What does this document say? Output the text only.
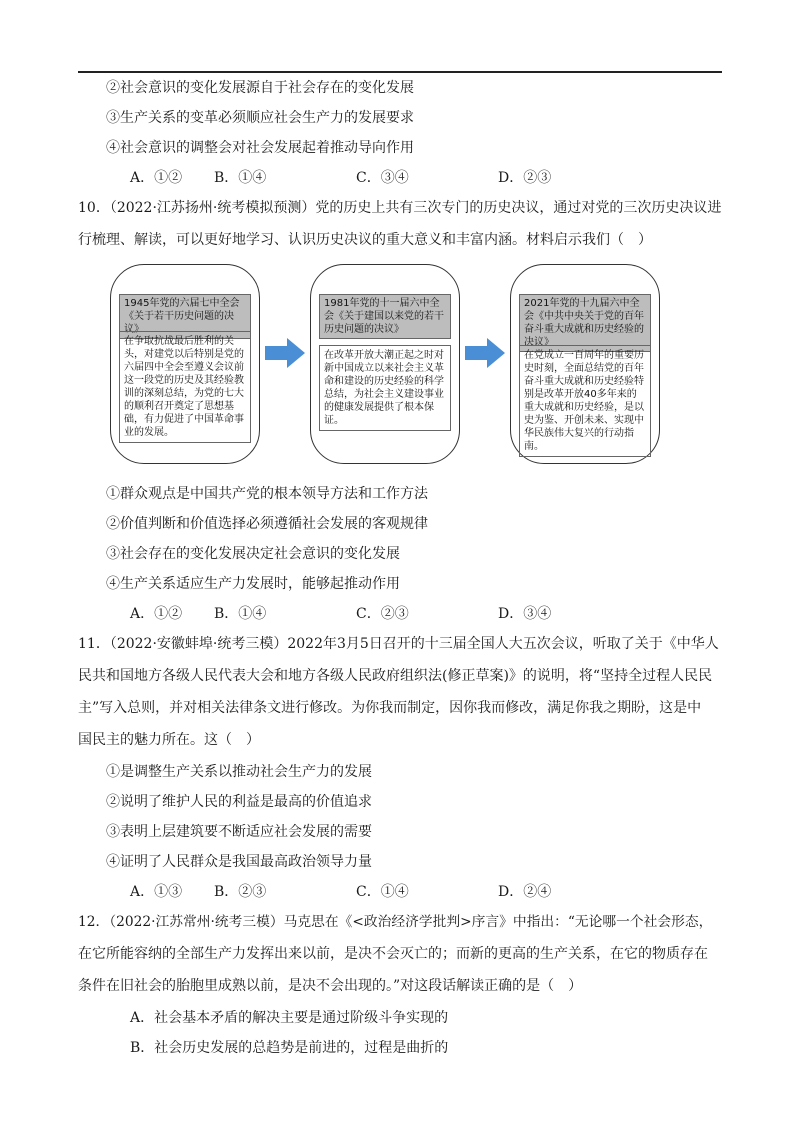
②社会意识的变化发展源自于社会存在的变化发展
③生产关系的变革必须顺应社会生产力的发展要求
④社会意识的调整会对社会发展起着推动导向作用
A．①② B．①④	C．③④	D．②③
10．（2022·江苏扬州·统考模拟预测）党的历史上共有三次专门的历史决议，通过对党的三次历史决议进
行梳理、解读，可以更好地学习、认识历史决议的重大意义和丰富内涵。材料启示我们（　）
1945年党的六届七中全会《关于若干历史问题的决议》
在争取抗战最后胜利的关头，对建党以后特别是党的六届四中全会至遵义会议前这一段党的历史及其经验教训的深刻总结，为党的七大的顺利召开奠定了思想基础，有力促进了中国革命事业的发展。
1981年党的十一届六中全会《关于建国以来党的若干历史问题的决议》
在改革开放大潮正起之时对新中国成立以来社会主义革命和建设的历史经验的科学总结，为社会主义建设事业的健康发展提供了根本保证。
2021年党的十九届六中全会《中共中央关于党的百年奋斗重大成就和历史经验的决议》
在党成立一百周年的重要历史时刻，全面总结党的百年奋斗重大成就和历史经验特别是改革开放40多年来的重大成就和历史经验，是以史为鉴、开创未来、实现中华民族伟大复兴的行动指南。
①群众观点是中国共产党的根本领导方法和工作方法
②价值判断和价值选择必须遵循社会发展的客观规律
③社会存在的变化发展决定社会意识的变化发展
④生产关系适应生产力发展时，能够起推动作用
A．①② B．①④	C．②③	D．③④
11．（2022·安徽蚌埠·统考三模）2022年3月5日召开的十三届全国人大五次会议，听取了关于《中华人
民共和国地方各级人民代表大会和地方各级人民政府组织法(修正草案)》的说明，将“坚持全过程人民民
主”写入总则，并对相关法律条文进行修改。为你我而制定，因你我而修改，满足你我之期盼，这是中
国民主的魅力所在。这（　）
①是调整生产关系以推动社会生产力的发展
②说明了维护人民的利益是最高的价值追求
③表明上层建筑要不断适应社会发展的需要
④证明了人民群众是我国最高政治领导力量
A．①③ B．②③	C．①④	D．②④
12．（2022·江苏常州·统考三模）马克思在《<政治经济学批判>序言》中指出：“无论哪一个社会形态，
在它所能容纳的全部生产力发挥出来以前，是决不会灭亡的；而新的更高的生产关系，在它的物质存在
条件在旧社会的胎胞里成熟以前，是决不会出现的。”对这段话解读正确的是（　）
A．社会基本矛盾的解决主要是通过阶级斗争实现的
B．社会历史发展的总趋势是前进的，过程是曲折的
